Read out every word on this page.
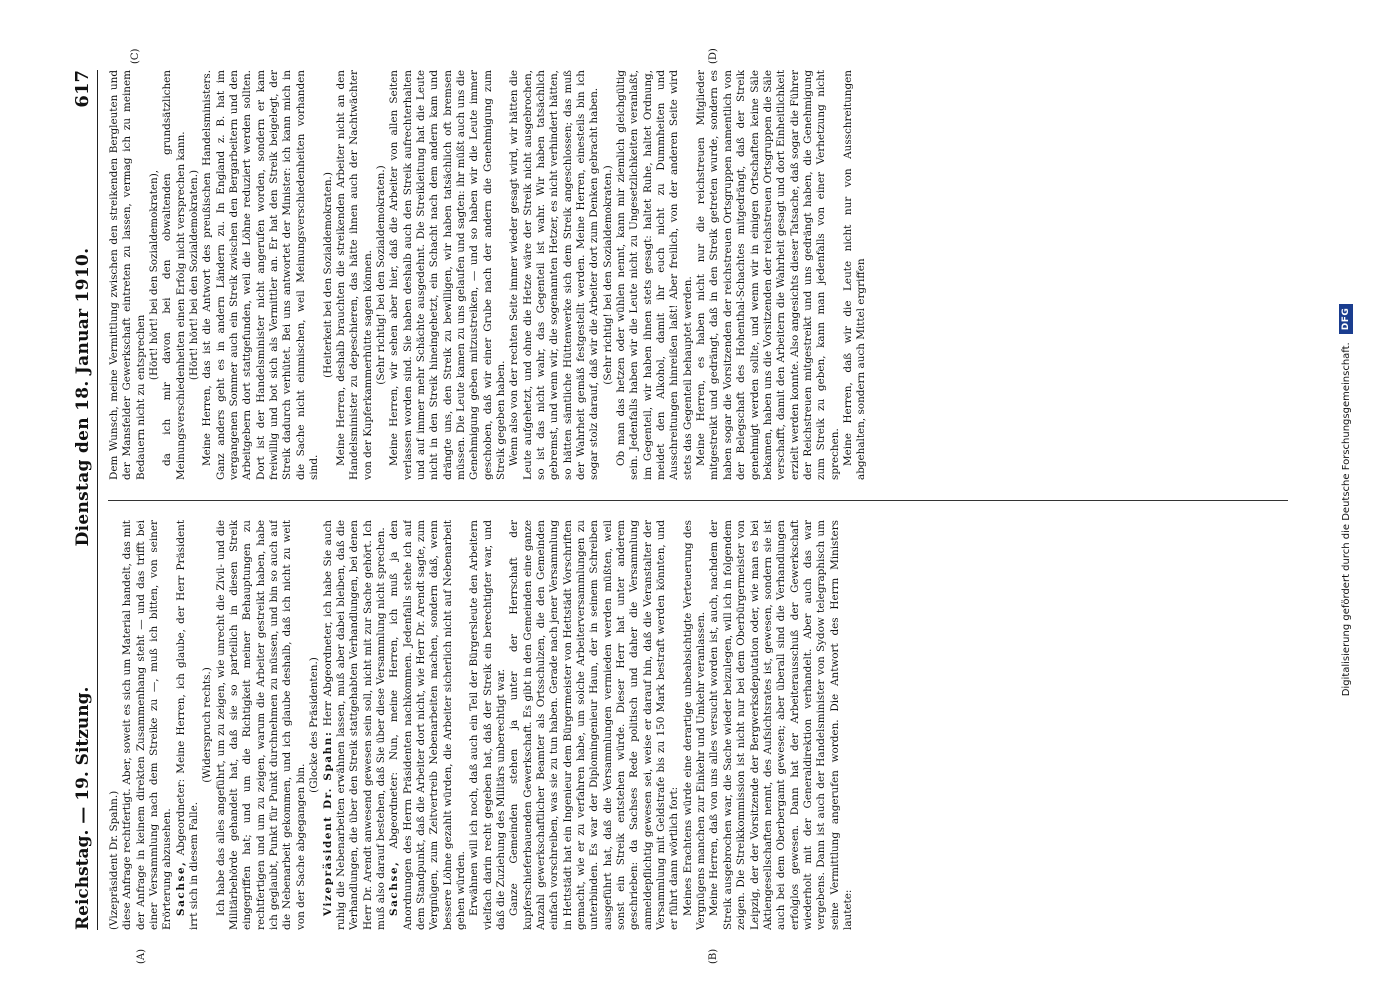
Reichstag. — 19. Sitzung.
Dienstag den 18. Januar 1910.
617
(A)	(B)
(C)	(D)

(Vizepräsident Dr. Spahn.) diese Anfrage rechtfertigt. Aber, soweit es sich um Material handelt, das mit der Anfrage in keinem direkten Zusammenhang steht — und das trifft bei einer Versammlung nach dem Streike zu —, muß ich bitten, von seiner Erörterung abzusehen. Sachse, Abgeordneter: Meine Herren, ich glaube, der Herr Präsident irrt sich in diesem Falle.

(Widerspruch rechts.) Ich habe das alles angeführt, um zu zeigen, wie unrecht die Zivil- und die Militärbehörde gehandelt hat, daß sie so parteilich in diesen Streik eingegriffen hat; und um die Richtigkeit meiner Behauptungen zu rechtfertigen und um zu zeigen, warum die Arbeiter gestreikt haben, habe ich geglaubt, Punkt für Punkt durchnehmen zu müssen, und bin so auch auf die Nebenarbeit gekommen, und ich glaube deshalb, daß ich nicht zu weit von der Sache abgegangen bin.

(Glocke des Präsidenten.)

Vizepräsident Dr. Spahn: Herr Abgeordneter, ich habe Sie auch ruhig die Nebenarbeiten erwähnen lassen, muß aber dabei bleiben, daß die Verhandlungen, die über den Streik stattgehabten Verhandlungen, bei denen Herr Dr. Arendt anwesend gewesen sein soll, nicht mit zur Sache gehört. Ich muß also darauf bestehen, daß Sie über diese Versammlung nicht sprechen. Sachse, Abgeordneter: Nun, meine Herren, ich muß ja den Anordnungen des Herrn Präsidenten nachkommen. Jedenfalls stehe ich auf dem Standpunkt, daß die Arbeiter dort nicht, wie Herr Dr. Arendt sagte, zum Vergnügen, zum Zeitvertreib Nebenarbeiten machen, sondern daß, wenn bessere Löhne gezahlt würden, die Arbeiter sicherlich nicht auf Nebenarbeit gehen würden. Erwähnen will ich noch, daß auch ein Teil der Bürgersleute den Arbeitern vielfach darin recht gegeben hat, daß der Streik ein berechtigter war, und daß die Zuziehung des Militärs unberechtigt war. Ganze Gemeinden stehen ja unter der Herrschaft der kupferschieferbauenden Gewerkschaft. Es gibt in den Gemeinden eine ganze Anzahl gewerkschaftlicher Beamter als Ortsschulzen, die den Gemeinden einfach vorschreiben, was sie zu tun haben. Gerade nach jener Versammlung in Hettstädt hat ein Ingenieur dem Bürgermeister von Hettstädt Vorschriften gemacht, wie er zu verfahren habe, um solche Arbeiterversammlungen zu unterbinden. Es war der Diplomingenieur Haun, der in seinem Schreiben ausgeführt hat, daß die Versammlungen vermieden werden müßten, weil sonst ein Streik entstehen würde. Dieser Herr hat unter anderem geschrieben: da Sachses Rede politisch und daher die Versammlung anmeldepflichtig gewesen sei, weise er darauf hin, daß die Veranstalter der Versammlung mit Geldstrafe bis zu 150 Mark bestraft werden könnten, und er führt dann wörtlich fort: Meines Erachtens würde eine derartige unbeabsichtigte Verteuerung des Vergnügens manchen zur Einkehr und Umkehr veranlassen. Meine Herren, daß von uns alles versucht worden ist, auch, nachdem der Streik ausgebrochen war, die Sache wieder beizulegen, will ich in folgendem zeigen. Die Streikkommission ist nicht nur bei dem Oberbürgermeister von Leipzig, der der Vorsitzende der Bergwerksdeputation oder, wie man es bei Aktiengesellschaften nennt, des Aufsichtsrates ist, gewesen, sondern sie ist auch bei dem Oberbergamt gewesen; aber überall sind die Verhandlungen erfolglos gewesen. Dann hat der Arbeiterausschuß der Gewerkschaft wiederholt mit der Generaldirektion verhandelt. Aber auch das war vergebens. Dann ist auch der Handelsminister von Sydow telegraphisch um seine Vermittlung angerufen worden. Die Antwort des Herrn Ministers lautete:

Dem Wunsch, meine Vermittlung zwischen den streikenden Bergleuten und der Mansfelder Gewerkschaft eintreten zu lassen, vermag ich zu meinem Bedauern nicht zu entsprechen

(Hört! hört! bei den Sozialdemokraten), da ich mir davon bei den obwaltenden grundsätzlichen Meinungsverschiedenheiten einen Erfolg nicht versprechen kann. (Hört! hört! bei den Sozialdemokraten.) Meine Herren, das ist die Antwort des preußischen Handelsministers. Ganz anders geht es in andern Ländern zu. In England z. B. hat im vergangenen Sommer auch ein Streik zwischen den Bergarbeitern und den Arbeitgebern dort stattgefunden, weil die Löhne reduziert werden sollten. Dort ist der Handelsminister nicht angerufen worden, sondern er kam freiwillig und bot sich als Vermittler an. Er hat den Streik beigelegt, der Streik dadurch verhütet. Bei uns antwortet der Minister: ich kann mich in die Sache nicht einmischen, weil Meinungsverschiedenheiten vorhanden sind.

(Heiterkeit bei den Sozialdemokraten.) Meine Herren, deshalb brauchten die streikenden Arbeiter nicht an den Handelsminister zu depeschieren, das hätte ihnen auch der Nachtwächter von der Kupferkammerhütte sagen können. (Sehr richtig! bei den Sozialdemokraten.) Meine Herren, wir sehen aber hier, daß die Arbeiter von allen Seiten verlassen worden sind. Sie haben deshalb auch den Streik aufrechterhalten und auf immer mehr Schächte ausgedehnt. Die Streikleitung hat die Leute nicht in den Streik hineingehetzt, ein Schacht nach dem andern kam und drängte uns, den Streik zu bewilligen, wir haben tatsächlich oft bremsen müssen. Die Leute kamen zu uns gelaufen und sagten: ihr müßt auch uns die Genehmigung geben mitzustreiken, — und so haben wir die Leute immer geschoben, daß wir einer Grube nach der andern die Genehmigung zum Streik gegeben haben. Wenn also von der rechten Seite immer wieder gesagt wird, wir hätten die Leute aufgehetzt, und ohne die Hetze wäre der Streik nicht ausgebrochen, so ist das nicht wahr, das Gegenteil ist wahr. Wir haben tatsächlich gebremst, und wenn wir, die sogenannten Hetzer, es nicht verhindert hätten, so hätten sämtliche Hüttenwerke sich dem Streik angeschlossen; das muß der Wahrheit gemäß festgestellt werden. Meine Herren, einesteils bin ich sogar stolz darauf, daß wir die Arbeiter dort zum Denken gebracht haben. (Sehr richtig! bei den Sozialdemokraten.) Ob man das hetzen oder wühlen nennt, kann mir ziemlich gleichgültig sein. Jedenfalls haben wir die Leute nicht zu Ungesetzlichkeiten veranlaßt, im Gegenteil, wir haben ihnen stets gesagt: haltet Ruhe, haltet Ordnung, meidet den Alkohol, damit ihr euch nicht zu Dummheiten und Ausschreitungen hinreißen laßt! Aber freilich, von der anderen Seite wird stets das Gegenteil behauptet werden. Meine Herren, es haben nicht nur die reichstreuen Mitglieder mitgestreikt und gedrängt, daß in den Streik getreten wurde, sondern es haben sogar die Vorsitzenden der reichstreuen Ortsgruppen namentlich von der Belegschaft des Hohenthal-Schachtes mitgedrängt, daß der Streik genehmigt werden sollte, und wenn wir in einigen Ortschaften keine Säle bekamen, haben uns die Vorsitzenden der reichstreuen Ortsgruppen die Säle verschafft, damit den Arbeitern die Wahrheit gesagt und dort Einheitlichkeit erzielt werden konnte. Also angesichts dieser Tatsache, daß sogar die Führer der Reichstreuen mitgestreikt und uns gedrängt haben, die Genehmigung zum Streik zu geben, kann man jedenfalls von einer Verhetzung nicht sprechen. Meine Herren, daß wir die Leute nicht nur von Ausschreitungen abgehalten, sondern auch Mittel ergriffen	Digitalisierung gefördert durch die Deutsche Forschungsgemeinschaft.
DFG
